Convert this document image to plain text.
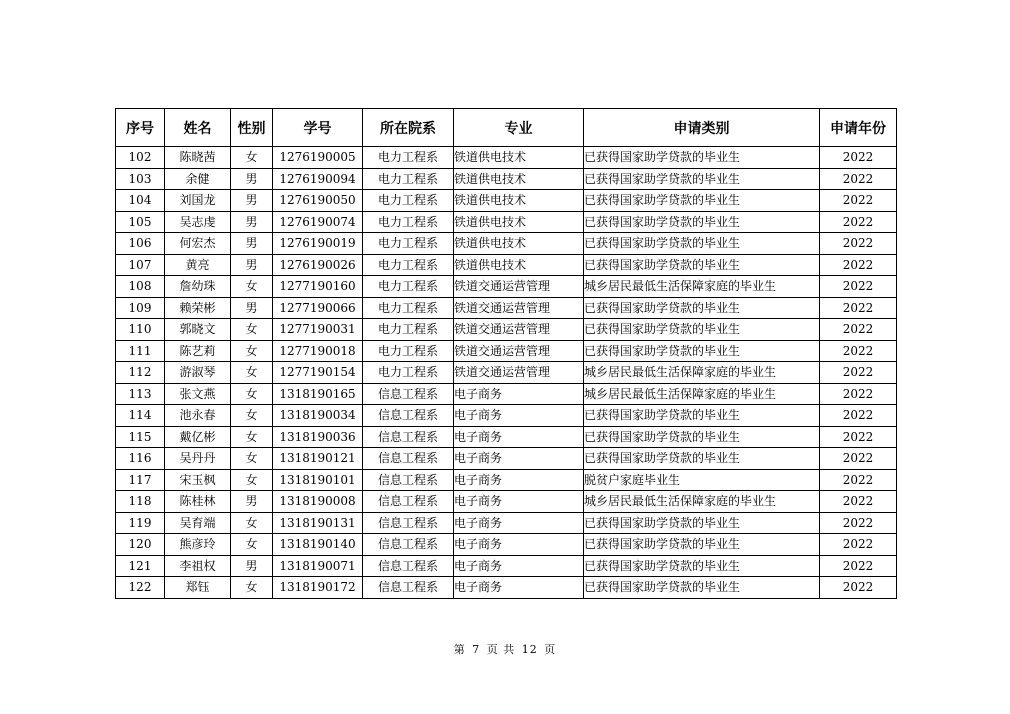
序号	姓名	性别	学号	所在院系	专业	申请类别	申请年份
102	陈晓茜	女	1276190005	电力工程系	铁道供电技术	已获得国家助学贷款的毕业生	2022
103	余健	男	1276190094	电力工程系	铁道供电技术	已获得国家助学贷款的毕业生	2022
104	刘国龙	男	1276190050	电力工程系	铁道供电技术	已获得国家助学贷款的毕业生	2022
105	吴志虔	男	1276190074	电力工程系	铁道供电技术	已获得国家助学贷款的毕业生	2022
106	何宏杰	男	1276190019	电力工程系	铁道供电技术	已获得国家助学贷款的毕业生	2022
107	黄亮	男	1276190026	电力工程系	铁道供电技术	已获得国家助学贷款的毕业生	2022
108	詹幼珠	女	1277190160	电力工程系	铁道交通运营管理	城乡居民最低生活保障家庭的毕业生	2022
109	赖荣彬	男	1277190066	电力工程系	铁道交通运营管理	已获得国家助学贷款的毕业生	2022
110	郭晓文	女	1277190031	电力工程系	铁道交通运营管理	已获得国家助学贷款的毕业生	2022
111	陈艺莉	女	1277190018	电力工程系	铁道交通运营管理	已获得国家助学贷款的毕业生	2022
112	游淑琴	女	1277190154	电力工程系	铁道交通运营管理	城乡居民最低生活保障家庭的毕业生	2022
113	张文燕	女	1318190165	信息工程系	电子商务	城乡居民最低生活保障家庭的毕业生	2022
114	池永春	女	1318190034	信息工程系	电子商务	已获得国家助学贷款的毕业生	2022
115	戴亿彬	女	1318190036	信息工程系	电子商务	已获得国家助学贷款的毕业生	2022
116	吴丹丹	女	1318190121	信息工程系	电子商务	已获得国家助学贷款的毕业生	2022
117	宋玉枫	女	1318190101	信息工程系	电子商务	脱贫户家庭毕业生	2022
118	陈桂林	男	1318190008	信息工程系	电子商务	城乡居民最低生活保障家庭的毕业生	2022
119	吴育端	女	1318190131	信息工程系	电子商务	已获得国家助学贷款的毕业生	2022
120	熊彦玲	女	1318190140	信息工程系	电子商务	已获得国家助学贷款的毕业生	2022
121	李祖权	男	1318190071	信息工程系	电子商务	已获得国家助学贷款的毕业生	2022
122	郑钰	女	1318190172	信息工程系	电子商务	已获得国家助学贷款的毕业生	2022
第 7 页 共 12 页
